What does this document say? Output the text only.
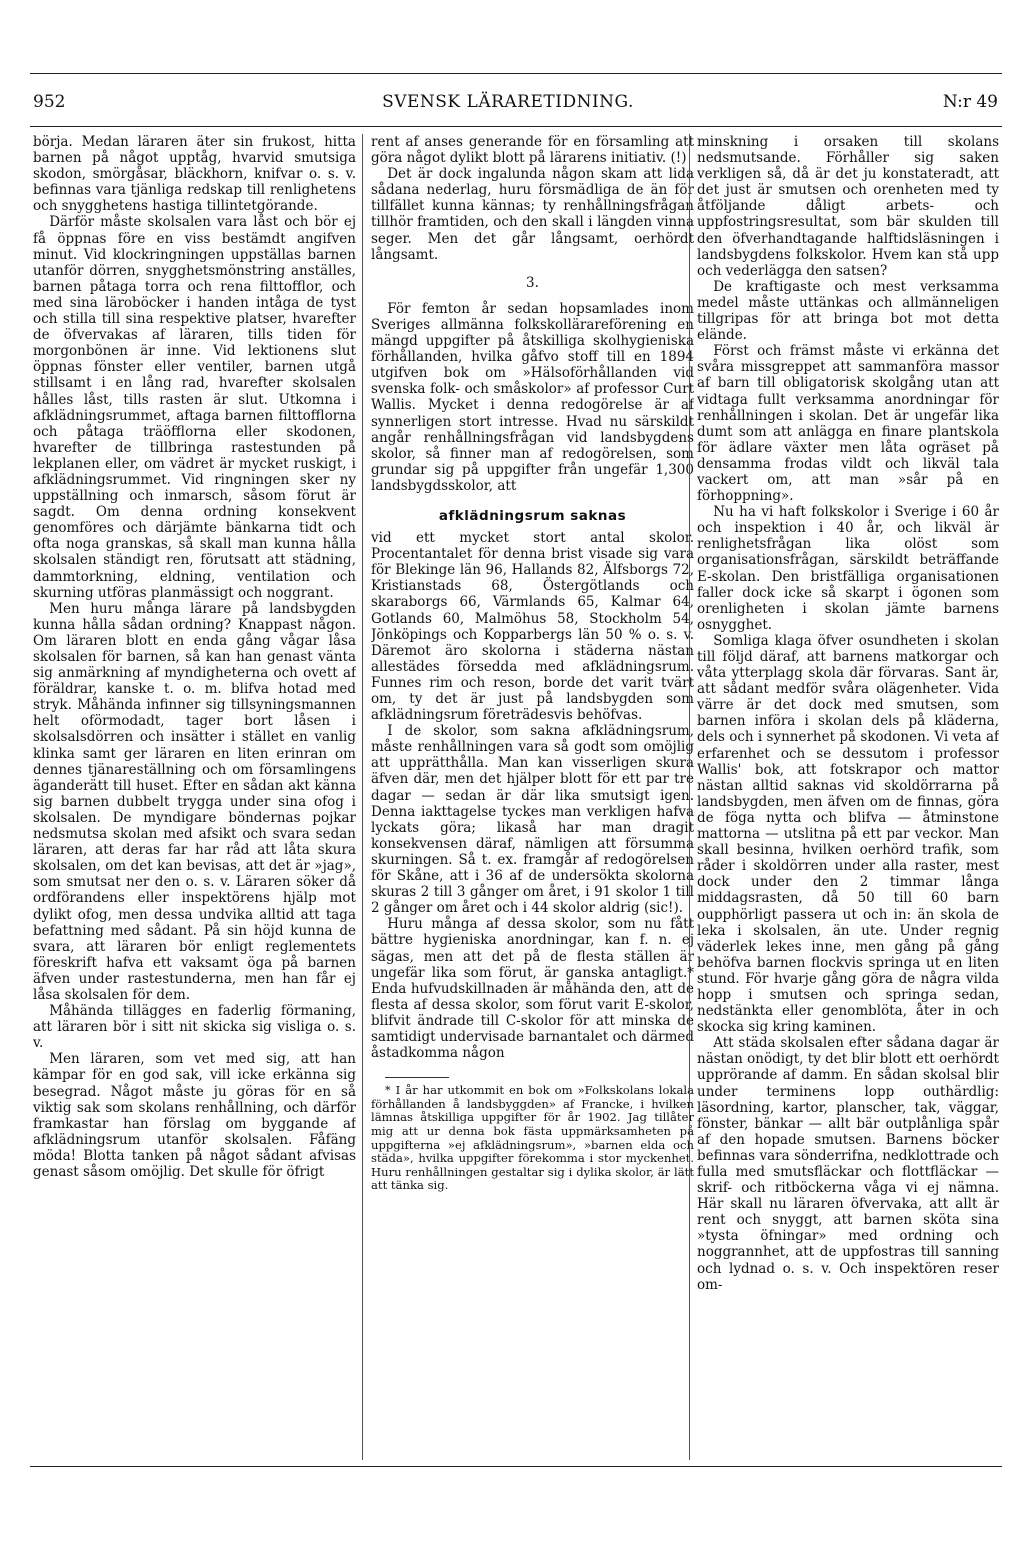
952	SVENSK LÄRARETIDNING.	N:r 49

börja. Medan läraren äter sin frukost, hitta barnen på något upptåg, hvarvid smutsiga skodon, smörgåsar, bläckhorn, knifvar o. s. v. befinnas vara tjänliga redskap till renlighetens och snygghetens hastiga tillintetgörande.

Därför måste skolsalen vara låst och bör ej få öppnas före en viss bestämdt angifven minut. Vid klockringningen uppställas barnen utanför dörren, snygghetsmönstring anställes, barnen påtaga torra och rena filttofflor, och med sina läroböcker i handen intåga de tyst och stilla till sina respektive platser, hvarefter de öfvervakas af läraren, tills tiden för morgonbönen är inne. Vid lektionens slut öppnas fönster eller ventiler, barnen utgå stillsamt i en lång rad, hvarefter skolsalen hålles låst, tills rasten är slut. Utkomna i afklädningsrummet, aftaga barnen filttofflorna och påtaga träöfflorna eller skodonen, hvarefter de tillbringa rastestunden på lekplanen eller, om vädret är mycket ruskigt, i afklädningsrummet. Vid ringningen sker ny uppställning och inmarsch, såsom förut är sagdt. Om denna ordning konsekvent genomföres och därjämte bänkarna tidt och ofta noga granskas, så skall man kunna hålla skolsalen ständigt ren, förutsatt att städning, dammtorkning, eldning, ventilation och skurning utföras planmässigt och noggrant.

Men huru många lärare på landsbygden kunna hålla sådan ordning? Knappast någon. Om läraren blott en enda gång vågar låsa skolsalen för barnen, så kan han genast vänta sig anmärkning af myndigheterna och ovett af föräldrar, kanske t. o. m. blifva hotad med stryk. Måhända infinner sig tillsyningsmannen helt oförmodadt, tager bort låsen i skolsalsdörren och insätter i stället en vanlig klinka samt ger läraren en liten erinran om dennes tjänareställning och om församlingens äganderätt till huset. Efter en sådan akt känna sig barnen dubbelt trygga under sina ofog i skolsalen. De myndigare böndernas pojkar nedsmutsa skolan med afsikt och svara sedan läraren, att deras far har råd att låta skura skolsalen, om det kan bevisas, att det är »jag», som smutsat ner den o. s. v. Läraren söker då ordförandens eller inspektörens hjälp mot dylikt ofog, men dessa undvika alltid att taga befattning med sådant. På sin höjd kunna de svara, att läraren bör enligt reglementets föreskrift hafva ett vaksamt öga på barnen äfven under rastestunderna, men han får ej låsa skolsalen för dem.

Måhända tillägges en faderlig förmaning, att läraren bör i sitt nit skicka sig visliga o. s. v.

Men läraren, som vet med sig, att han kämpar för en god sak, vill icke erkänna sig besegrad. Något måste ju göras för en så viktig sak som skolans renhållning, och därför framkastar han förslag om byggande af afklädningsrum utanför skolsalen. Fåfäng möda! Blotta tanken på något sådant afvisas genast såsom omöjlig. Det skulle för öfrigt

rent af anses generande för en församling att göra något dylikt blott på lärarens initiativ. (!)

Det är dock ingalunda någon skam att lida sådana nederlag, huru försmädliga de än för tillfället kunna kännas; ty renhållningsfrågan tillhör framtiden, och den skall i längden vinna seger. Men det går långsamt, oerhördt långsamt.

3.

För femton år sedan hopsamlades inom Sveriges allmänna folkskollärareförening en mängd uppgifter på åtskilliga skolhygieniska förhållanden, hvilka gåfvo stoff till en 1894 utgifven bok om »Hälsoförhållanden vid svenska folk- och småskolor» af professor Curt Wallis. Mycket i denna redogörelse är af synnerligen stort intresse. Hvad nu särskildt angår renhållningsfrågan vid landsbygdens skolor, så finner man af redogörelsen, som grundar sig på uppgifter från ungefär 1,300 landsbygdsskolor, att

afklädningsrum saknas

vid ett mycket stort antal skolor. Procentantalet för denna brist visade sig vara för Blekinge län 96, Hallands 82, Älfsborgs 72, Kristianstads 68, Östergötlands och skaraborgs 66, Värmlands 65, Kalmar 64, Gotlands 60, Malmöhus 58, Stockholm 54, Jönköpings och Kopparbergs län 50 % o. s. v. Däremot äro skolorna i städerna nästan allestädes försedda med afklädningsrum. Funnes rim och reson, borde det varit tvärt om, ty det är just på landsbygden som afklädningsrum företrädesvis behöfvas.

I de skolor, som sakna afklädningsrum, måste renhållningen vara så godt som omöjlig att upprätthålla. Man kan visserligen skura äfven där, men det hjälper blott för ett par tre dagar — sedan är där lika smutsigt igen. Denna iakttagelse tyckes man verkligen hafva lyckats göra; likaså har man dragit konsekvensen däraf, nämligen att försumma skurningen. Så t. ex. framgår af redogörelsen för Skåne, att i 36 af de undersökta skolorna skuras 2 till 3 gånger om året, i 91 skolor 1 till 2 gånger om året och i 44 skolor aldrig (sic!).

Huru många af dessa skolor, som nu fått bättre hygieniska anordningar, kan f. n. ej sägas, men att det på de flesta ställen är ungefär lika som förut, är ganska antagligt.* Enda hufvudskillnaden är måhända den, att de flesta af dessa skolor, som förut varit E-skolor, blifvit ändrade till C-skolor för att minska de samtidigt undervisade barnantalet och därmed åstadkomma någon

* I år har utkommit en bok om »Folkskolans lokala förhållanden å landsbyggden» af Francke, i hvilken lämnas åtskilliga uppgifter för år 1902. Jag tillåter mig att ur denna bok fästa uppmärksamheten på uppgifterna »ej afklädningsrum», »barnen elda och städa», hvilka uppgifter förekomma i stor myckenhet. Huru renhållningen gestaltar sig i dylika skolor, är lätt att tänka sig.

minskning i orsaken till skolans nedsmutsande. Förhåller sig saken verkligen så, då är det ju konstateradt, att det just är smutsen och orenheten med ty åtföljande dåligt arbets- och uppfostringsresultat, som bär skulden till den öfverhandtagande halftidsläsningen i landsbygdens folkskolor. Hvem kan stå upp och vederlägga den satsen?

De kraftigaste och mest verksamma medel måste uttänkas och allmänneligen tillgripas för att bringa bot mot detta elände.

Först och främst måste vi erkänna det svåra missgreppet att sammanföra massor af barn till obligatorisk skolgång utan att vidtaga fullt verksamma anordningar för renhållningen i skolan. Det är ungefär lika dumt som att anlägga en finare plantskola för ädlare växter men låta ogräset på densamma frodas vildt och likväl tala vackert om, att man »sår på en förhoppning».

Nu ha vi haft folkskolor i Sverige i 60 år och inspektion i 40 år, och likväl är renlighetsfrågan lika olöst som organisationsfrågan, särskildt beträffande E-skolan. Den bristfälliga organisationen faller dock icke så skarpt i ögonen som orenligheten i skolan jämte barnens osnygghet.

Somliga klaga öfver osundheten i skolan till följd däraf, att barnens matkorgar och våta ytterplagg skola där förvaras. Sant är, att sådant medför svåra olägenheter. Vida värre är det dock med smutsen, som barnen införa i skolan dels på kläderna, dels och i synnerhet på skodonen. Vi veta af erfarenhet och se dessutom i professor Wallis' bok, att fotskrapor och mattor nästan alltid saknas vid skoldörrarna på landsbygden, men äfven om de finnas, göra de föga nytta och blifva — åtminstone mattorna — utslitna på ett par veckor. Man skall besinna, hvilken oerhörd trafik, som råder i skoldörren under alla raster, mest dock under den 2 timmar långa middagsrasten, då 50 till 60 barn oupphörligt passera ut och in: än skola de leka i skolsalen, än ute. Under regnig väderlek lekes inne, men gång på gång behöfva barnen flockvis springa ut en liten stund. För hvarje gång göra de några vilda hopp i smutsen och springa sedan, nedstänkta eller genomblöta, åter in och skocka sig kring kaminen.

Att städa skolsalen efter sådana dagar är nästan onödigt, ty det blir blott ett oerhördt upprörande af damm. En sådan skolsal blir under terminens lopp outhärdlig: läsordning, kartor, planscher, tak, väggar, fönster, bänkar — allt bär outplånliga spår af den hopade smutsen. Barnens böcker befinnas vara sönderrifna, nedklottrade och fulla med smutsfläckar och flottfläckar — skrif- och ritböckerna våga vi ej nämna. Här skall nu läraren öfvervaka, att allt är rent och snyggt, att barnen sköta sina »tysta öfningar» med ordning och noggrannhet, att de uppfostras till sanning och lydnad o. s. v. Och inspektören reser om-
